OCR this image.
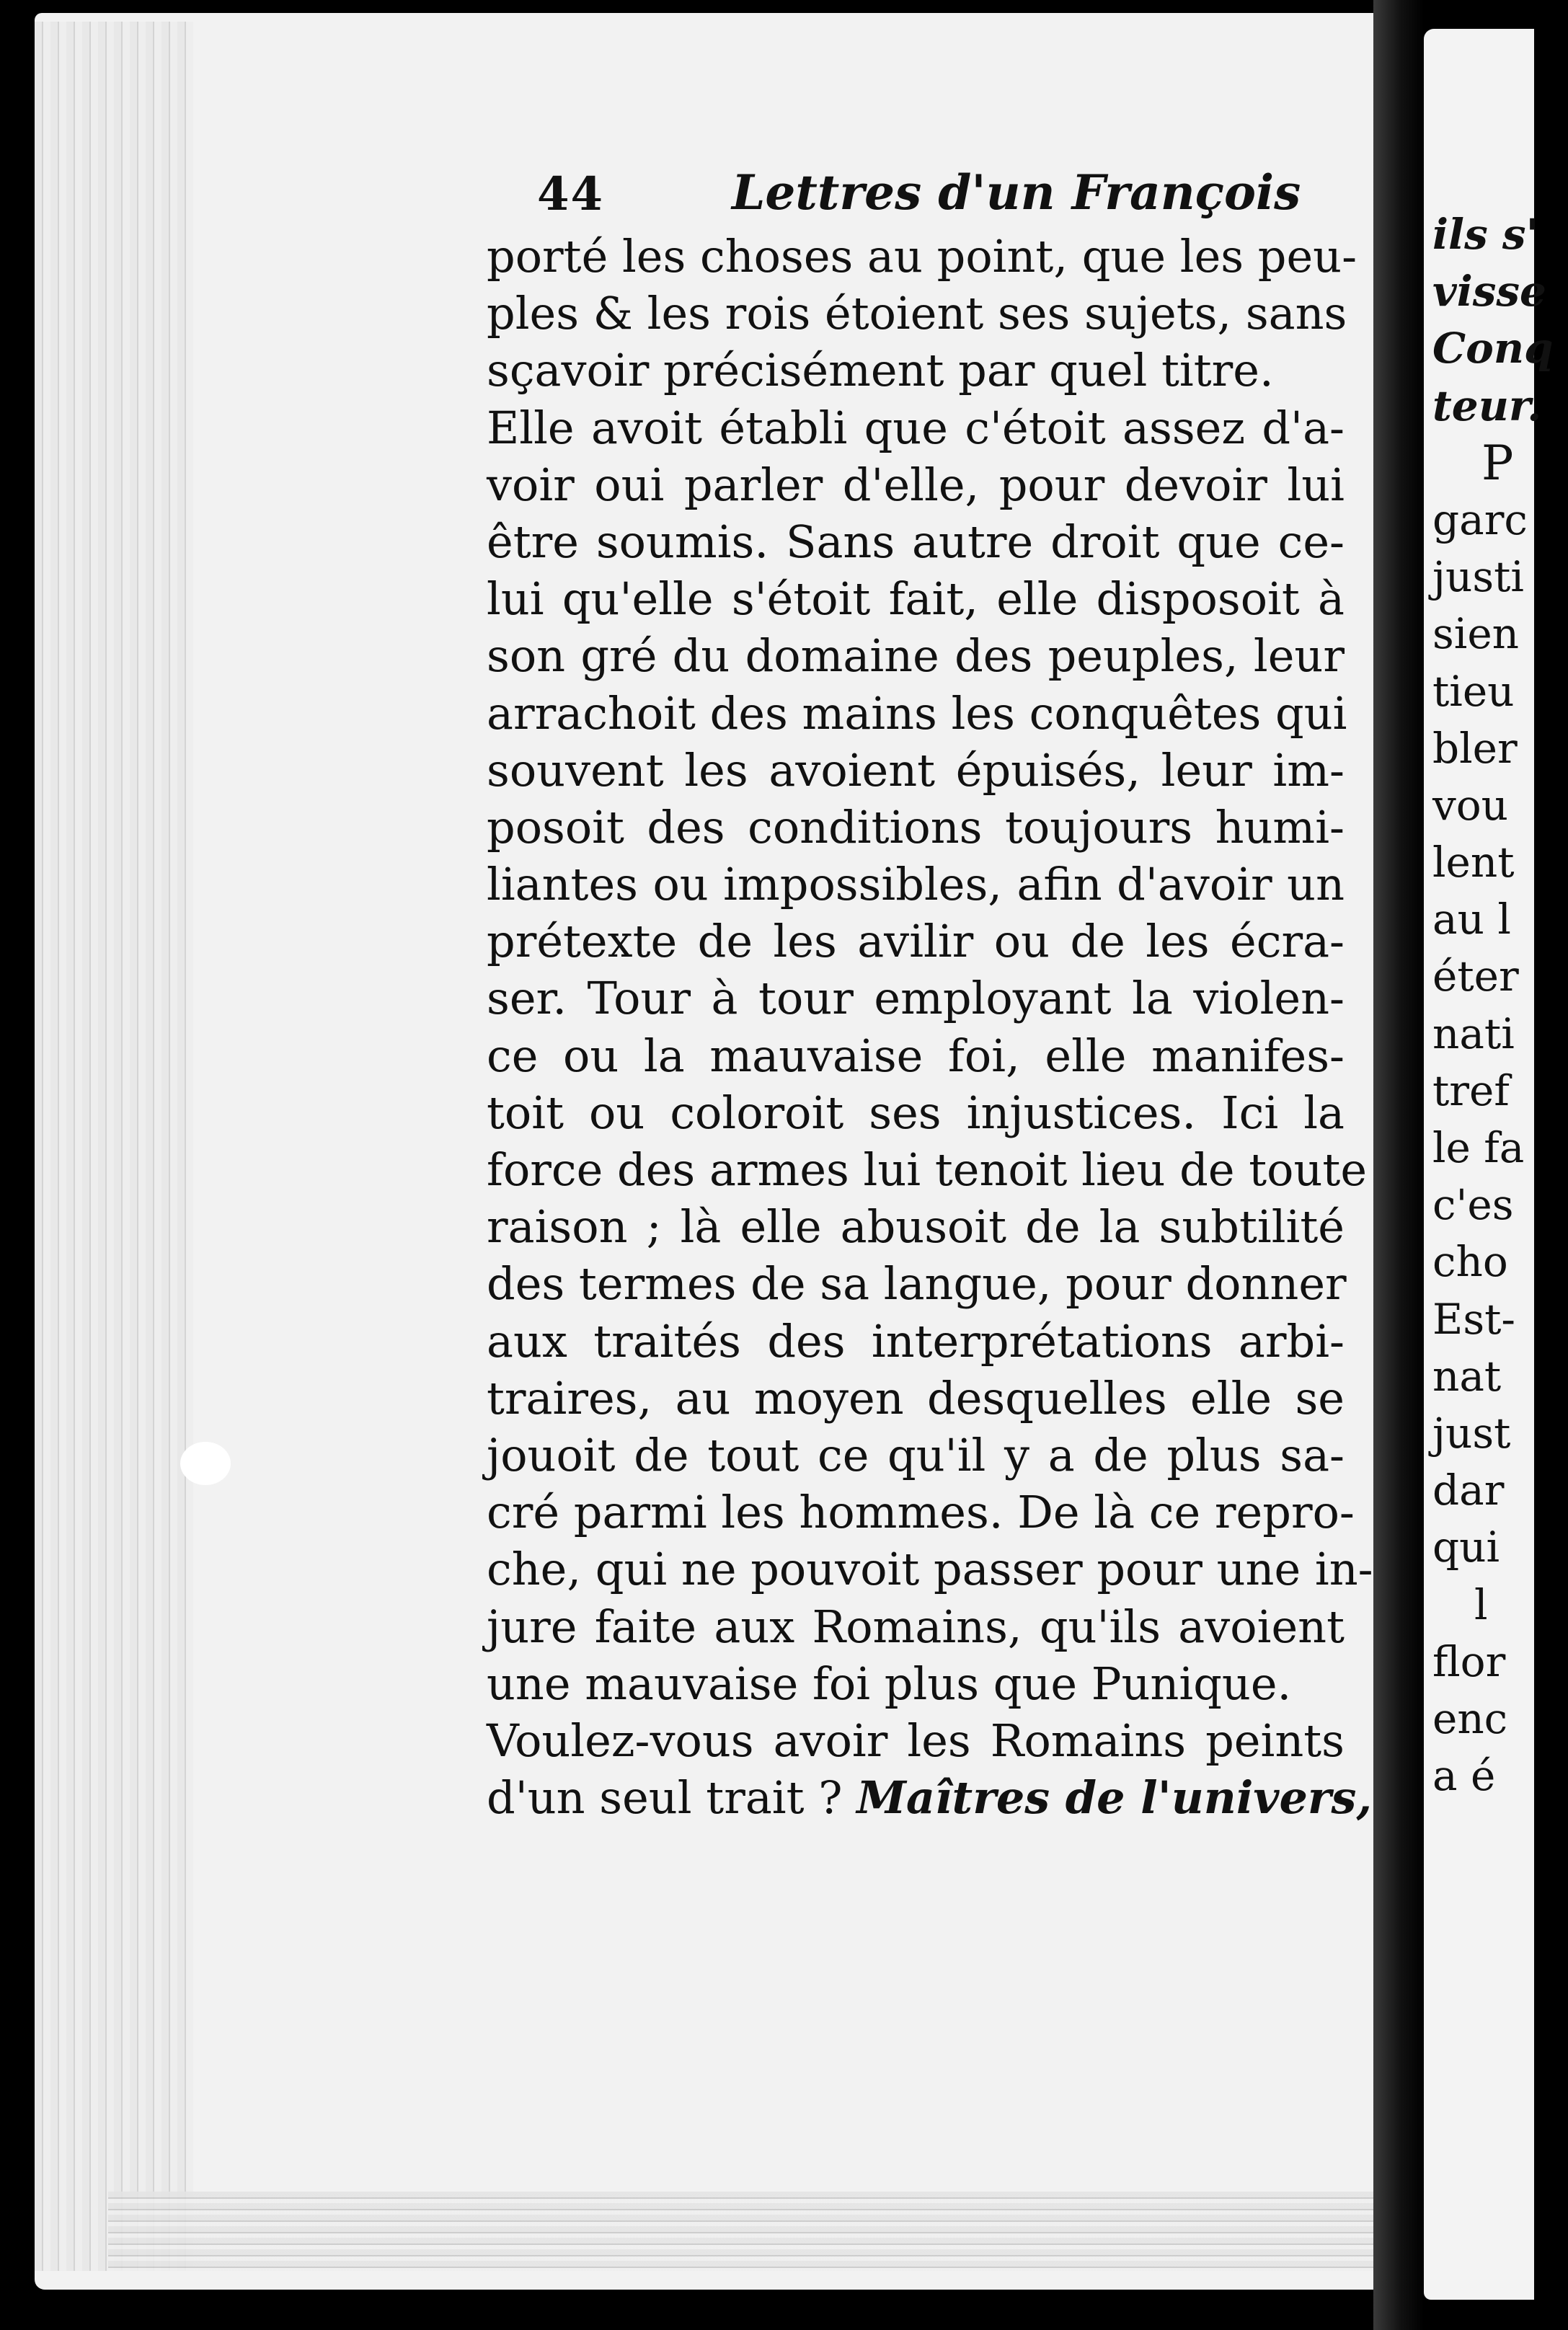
44	Lettres d'un François
porté les choses au point, que les peu-
ples & les rois étoient ses sujets, sans
sçavoir précisément par quel titre.
Elle avoit établi que c'étoit assez d'a-
voir oui parler d'elle, pour devoir lui
être soumis. Sans autre droit que ce-
lui qu'elle s'étoit fait, elle disposoit à
son gré du domaine des peuples, leur
arrachoit des mains les conquêtes qui
souvent les avoient épuisés, leur im-
posoit des conditions toujours humi-
liantes ou impossibles, afin d'avoir un
prétexte de les avilir ou de les écra-
ser. Tour à tour employant la violen-
ce ou la mauvaise foi, elle manifes-
toit ou coloroit ses injustices. Ici la
force des armes lui tenoit lieu de toute
raison ; là elle abusoit de la subtilité
des termes de sa langue, pour donner
aux traités des interprétations arbi-
traires, au moyen desquelles elle se
jouoit de tout ce qu'il y a de plus sa-
cré parmi les hommes. De là ce repro-
che, qui ne pouvoit passer pour une in-
jure faite aux Romains, qu'ils avoient
une mauvaise foi plus que Punique.
Voulez-vous avoir les Romains peints
d'un seul trait ? Maîtres de l'univers,
ils s'
visse
Conq
teur.
P
garc
justi
sien
tieu
bler
vou
lent
au l
éter
nati
tref
le fa
c'es
cho
Est-
nat
just
dar
qui
l
flor
enc
a é
